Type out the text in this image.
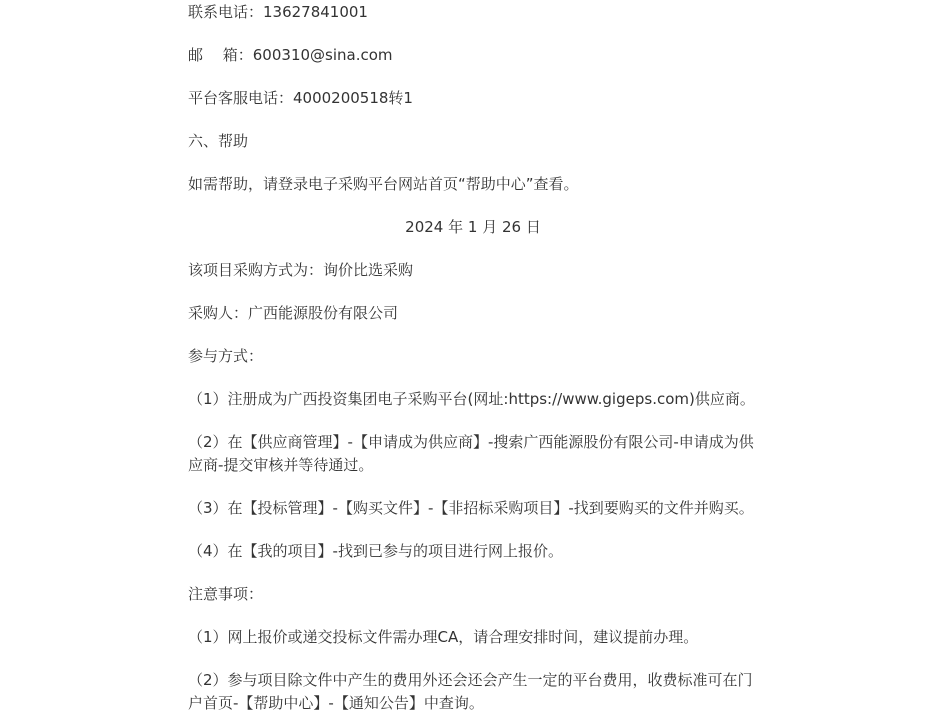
联系电话：13627841001

邮　 箱：600310@sina.com

平台客服电话：4000200518转1

六、帮助

如需帮助，请登录电子采购平台网站首页“帮助中心”查看。

2024 年 1 月 26 日

该项目采购方式为：询价比选采购

采购人：广西能源股份有限公司

参与方式：

（1）注册成为广西投资集团电子采购平台(网址:https://www.gigeps.com)供应商。

（2）在【供应商管理】-【申请成为供应商】-搜索广西能源股份有限公司-申请成为供应商-提交审核并等待通过。

（3）在【投标管理】-【购买文件】-【非招标采购项目】-找到要购买的文件并购买。

（4）在【我的项目】-找到已参与的项目进行网上报价。

注意事项：

（1）网上报价或递交投标文件需办理CA，请合理安排时间，建议提前办理。

（2）参与项目除文件中产生的费用外还会还会产生一定的平台费用，收费标准可在门户首页-【帮助中心】-【通知公告】中查询。
